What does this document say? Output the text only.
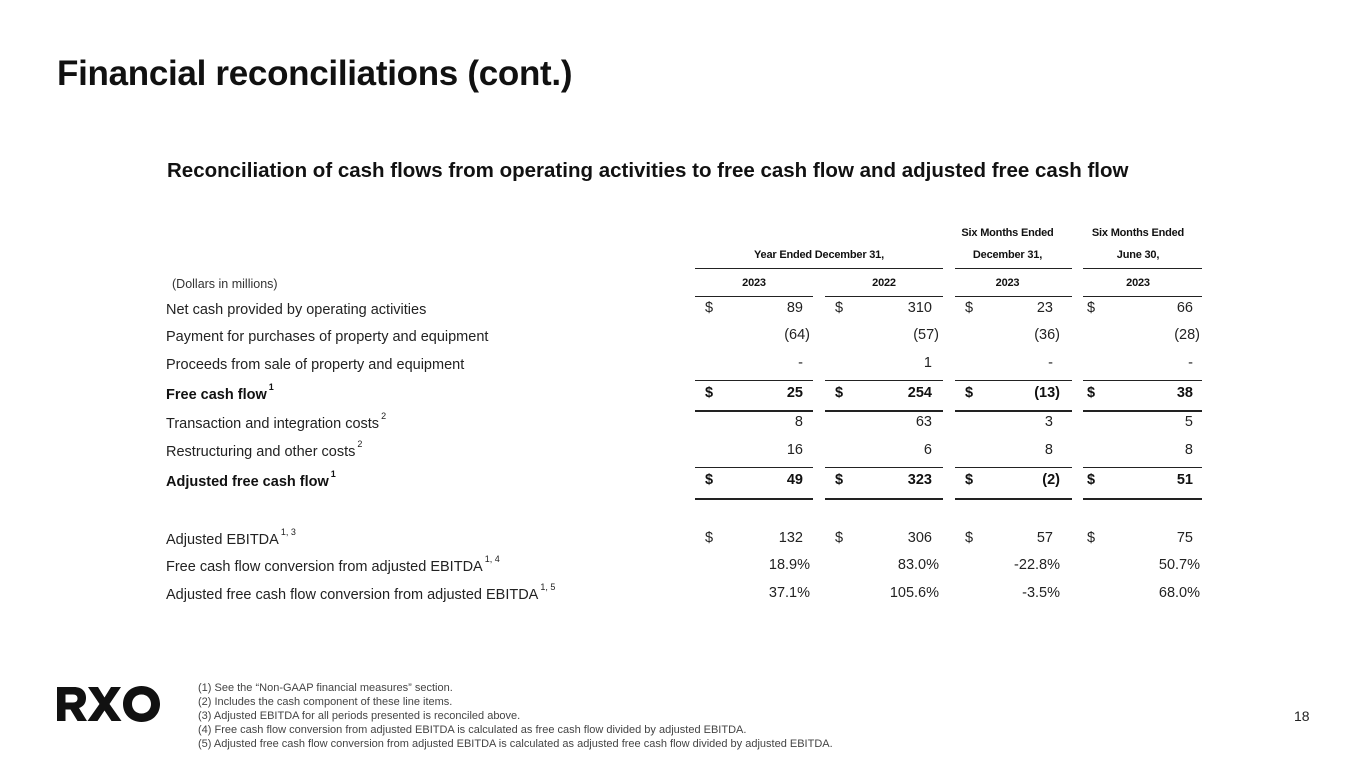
Financial reconciliations (cont.)
Reconciliation of cash flows from operating activities to free cash flow and adjusted free cash flow
Year Ended December 31,
Six Months Ended
December 31,
Six Months Ended
June 30,
(Dollars in millions)	2023	2022	2023	2023
Net cash provided by operating activities	$	89 $	310 $	23 $	66
Payment for purchases of property and equipment	(64)	(57)	(36)	(28)
Proceeds from sale of property and equipment	-	1	-	-
Free cash flow $^1$	$	25 $	254 $	(13) $	38
Transaction and integration costs $^2$	8	63	3	5
Restructuring and other costs $^2$	16	6	8	8
Adjusted free cash flow $^1$	$	49 $	323 $	(2) $	51
Adjusted EBITDA $^{1, 3}$	$	132 $	306 $	57 $	75
Free cash flow conversion from adjusted EBITDA $^{1, 4}$	18.9%	83.0%	-22.8%	50.7%
Adjusted free cash flow conversion from adjusted EBITDA $^{1, 5}$	37.1%	105.6%	-3.5%	68.0%
(1) See the “Non-GAAP financial measures” section.
(2) Includes the cash component of these line items.
(3) Adjusted EBITDA for all periods presented is reconciled above.
(4) Free cash flow conversion from adjusted EBITDA is calculated as free cash flow divided by adjusted EBITDA.
(5) Adjusted free cash flow conversion from adjusted EBITDA is calculated as adjusted free cash flow divided by adjusted EBITDA.
18
